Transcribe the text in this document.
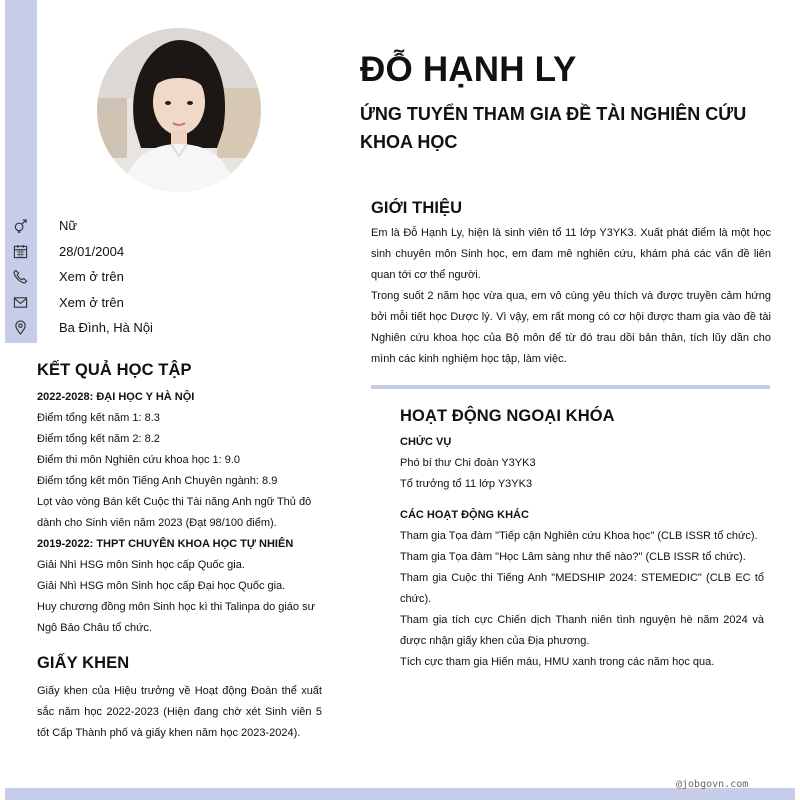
ĐỖ HẠNH LY
ỨNG TUYỂN THAM GIA ĐỀ TÀI NGHIÊN CỨU KHOA HỌC
Nữ
28/01/2004
Xem ở trên
Xem ở trên
Ba Đình, Hà Nội
KẾT QUẢ HỌC TẬP
2022-2028: ĐẠI HỌC Y HÀ NỘI
Điểm tổng kết năm 1: 8.3
Điểm tổng kết năm 2: 8.2
Điểm thi môn Nghiên cứu khoa học 1: 9.0
Điểm tổng kết môn Tiếng Anh Chuyên ngành: 8.9
Lọt vào vòng Bán kết Cuộc thi Tài năng Anh ngữ Thủ đô dành cho Sinh viên năm 2023 (Đạt 98/100 điểm).
2019-2022: THPT CHUYÊN KHOA HỌC TỰ NHIÊN
Giải Nhì HSG môn Sinh học cấp Quốc gia.
Giải Nhì HSG môn Sinh học cấp Đại học Quốc gia.
Huy chương đồng môn Sinh học kì thi Talinpa do giáo sư Ngô Bảo Châu tổ chức.
GIẤY KHEN
Giấy khen của Hiệu trưởng về Hoạt động Đoàn thể xuất sắc năm học 2022-2023 (Hiện đang chờ xét Sinh viên 5 tốt Cấp Thành phố và giấy khen năm học 2023-2024).
GIỚI THIỆU
Em là Đỗ Hạnh Ly, hiện là sinh viên tổ 11 lớp Y3YK3. Xuất phát điểm là một học sinh chuyên môn Sinh học, em đam mê nghiên cứu, khám phá các vấn đề liên quan tới cơ thể người.
Trong suốt 2 năm học vừa qua, em vô cùng yêu thích và được truyền cảm hứng bởi mỗi tiết học Dược lý. Vì vậy, em rất mong có cơ hội được tham gia vào đề tài Nghiên cứu khoa học của Bộ môn để từ đó trau dồi bản thân, tích lũy dần cho mình các kinh nghiệm học tập, làm việc.
HOẠT ĐỘNG NGOẠI KHÓA
CHỨC VỤ
Phó bí thư Chi đoàn Y3YK3
Tổ trưởng tổ 11 lớp Y3YK3
CÁC HOẠT ĐỘNG KHÁC
Tham gia Tọa đàm "Tiếp cận Nghiên cứu Khoa học" (CLB ISSR tổ chức).
Tham gia Tọa đàm "Học Lâm sàng như thế nào?" (CLB ISSR tổ chức).
Tham gia Cuộc thi Tiếng Anh "MEDSHIP 2024: STEMEDIC" (CLB EC tổ chức).
Tham gia tích cực Chiến dịch Thanh niên tình nguyện hè năm 2024 và được nhận giấy khen của Địa phương.
Tích cực tham gia Hiến máu, HMU xanh trong các năm học qua.
@jobgovn.com
